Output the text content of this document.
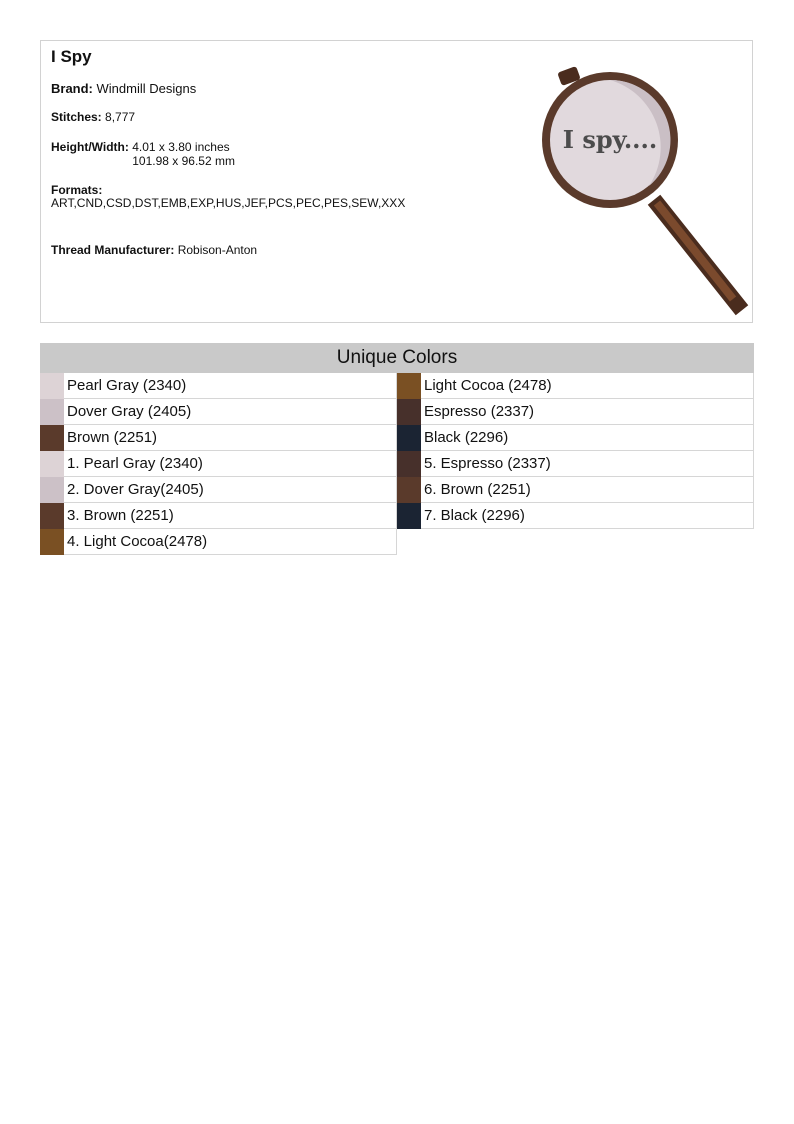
I Spy
Brand: Windmill Designs
Stitches: 8,777
Height/Width: 4.01 x 3.80 inches
101.98 x 96.52 mm
Formats:
ART,CND,CSD,DST,EMB,EXP,HUS,JEF,PCS,PEC,PES,SEW,XXX
Thread Manufacturer: Robison-Anton
I spy....
Unique Colors
Pearl Gray (2340)
Dover Gray (2405)
Brown (2251)
1. Pearl Gray (2340)
2. Dover Gray(2405)
3. Brown (2251)
4. Light Cocoa(2478)
Light Cocoa (2478)
Espresso (2337)
Black (2296)
5. Espresso (2337)
6. Brown (2251)
7. Black (2296)
